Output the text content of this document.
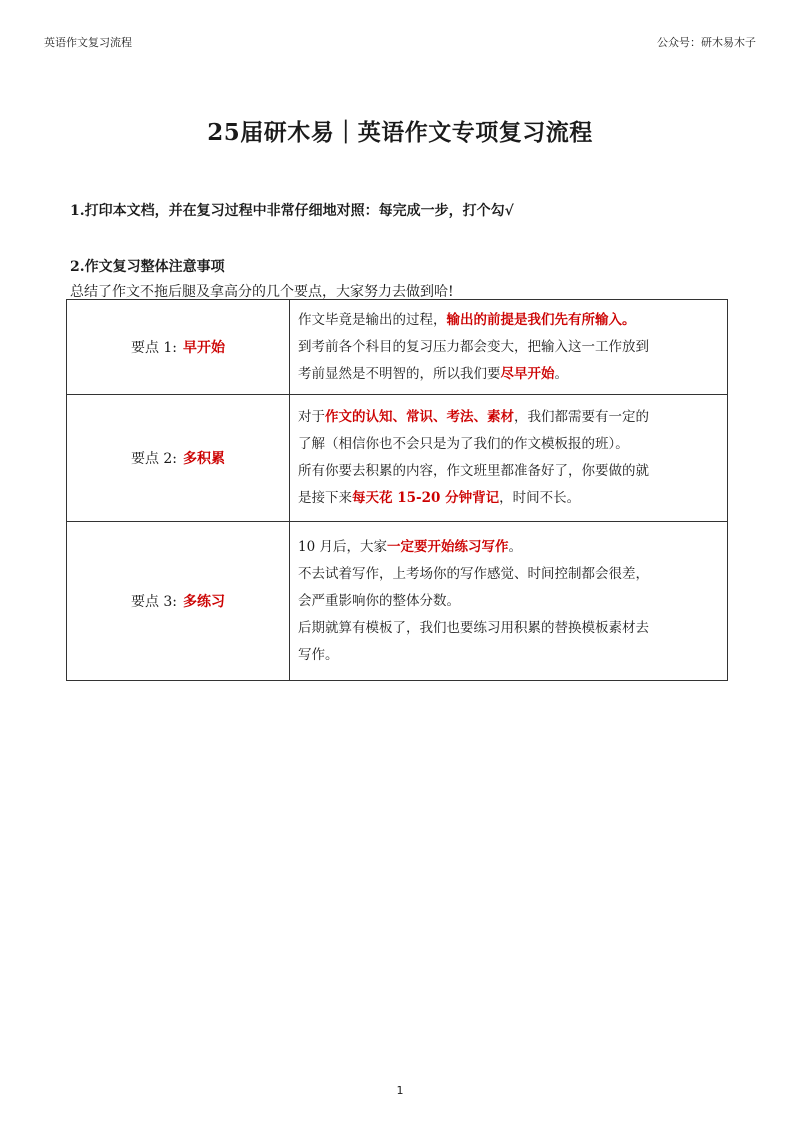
英语作文复习流程	公众号：研木易木子
25届研木易｜英语作文专项复习流程
1.打印本文档，并在复习过程中非常仔细地对照：每完成一步，打个勾√
2.作文复习整体注意事项
总结了作文不拖后腿及拿高分的几个要点，大家努力去做到哈!
要点 1: 早开始	作文毕竟是输出的过程，输出的前提是我们先有所输入。

到考前各个科目的复习压力都会变大，把输入这一工作放到

考前显然是不明智的，所以我们要尽早开始。

要点 2: 多积累	对于作文的认知、常识、考法、素材，我们都需要有一定的

了解（相信你也不会只是为了我们的作文模板报的班）。

所有你要去积累的内容，作文班里都准备好了，你要做的就

是接下来每天花 15-20 分钟背记，时间不长。

要点 3: 多练习	10 月后，大家一定要开始练习写作。

不去试着写作，上考场你的写作感觉、时间控制都会很差，

会严重影响你的整体分数。

后期就算有模板了，我们也要练习用积累的替换模板素材去

写作。

1
